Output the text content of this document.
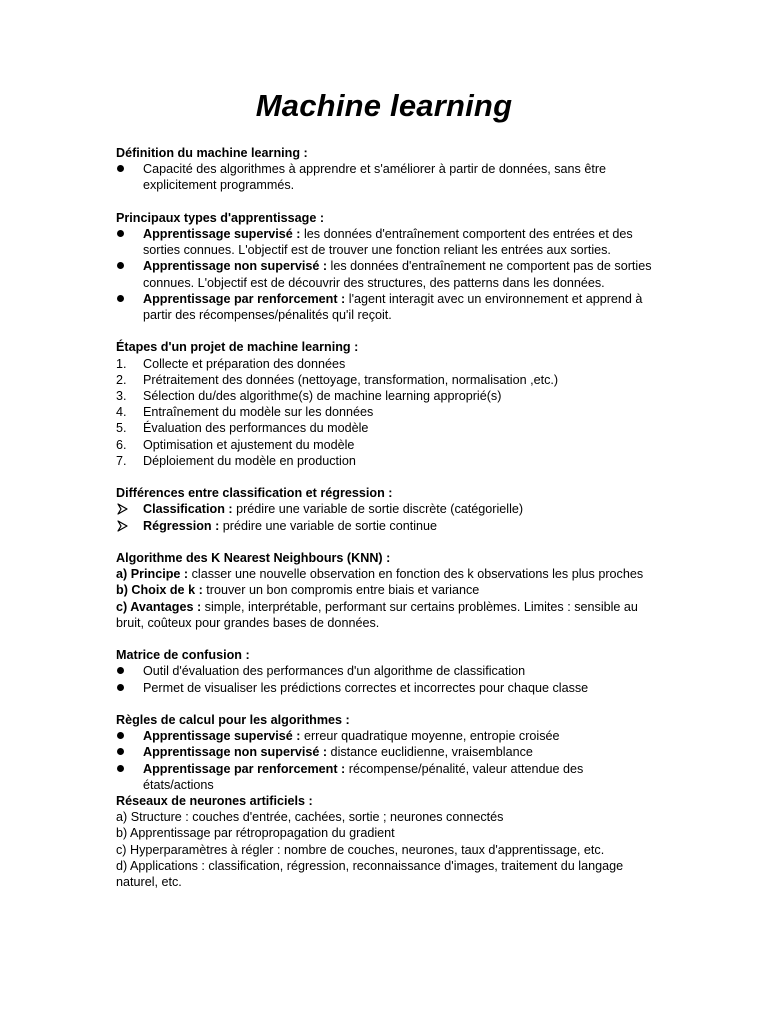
Machine learning
Définition du machine learning :
Capacité des algorithmes à apprendre et s'améliorer à partir de données, sans être explicitement programmés.
Principaux types d'apprentissage :
Apprentissage supervisé : les données d'entraînement comportent des entrées et des sorties connues. L'objectif est de trouver une fonction reliant les entrées aux sorties.
Apprentissage non supervisé : les données d'entraînement ne comportent pas de sorties connues. L'objectif est de découvrir des structures, des patterns dans les données.
Apprentissage par renforcement : l'agent interagit avec un environnement et apprend à partir des récompenses/pénalités qu'il reçoit.
Étapes d'un projet de machine learning :
1.	Collecte et préparation des données
2.	Prétraitement des données (nettoyage, transformation, normalisation ,etc.)
3.	Sélection du/des algorithme(s) de machine learning approprié(s)
4.	Entraînement du modèle sur les données
5.	Évaluation des performances du modèle
6.	Optimisation et ajustement du modèle
7.	Déploiement du modèle en production
Différences entre classification et régression :
Classification : prédire une variable de sortie discrète (catégorielle)
Régression : prédire une variable de sortie continue
Algorithme des K Nearest Neighbours (KNN) :
a) Principe : classer une nouvelle observation en fonction des k observations les plus proches
b) Choix de k : trouver un bon compromis entre biais et variance
c) Avantages : simple, interprétable, performant sur certains problèmes. Limites : sensible au bruit, coûteux pour grandes bases de données.
Matrice de confusion :
Outil d'évaluation des performances d'un algorithme de classification
Permet de visualiser les prédictions correctes et incorrectes pour chaque classe
Règles de calcul pour les algorithmes :
Apprentissage supervisé : erreur quadratique moyenne, entropie croisée
Apprentissage non supervisé : distance euclidienne, vraisemblance
Apprentissage par renforcement : récompense/pénalité, valeur attendue des états/actions
Réseaux de neurones artificiels :
a) Structure : couches d'entrée, cachées, sortie ; neurones connectés
b) Apprentissage par rétropropagation du gradient
c) Hyperparamètres à régler : nombre de couches, neurones, taux d'apprentissage, etc.
d) Applications : classification, régression, reconnaissance d'images, traitement du langage naturel, etc.
